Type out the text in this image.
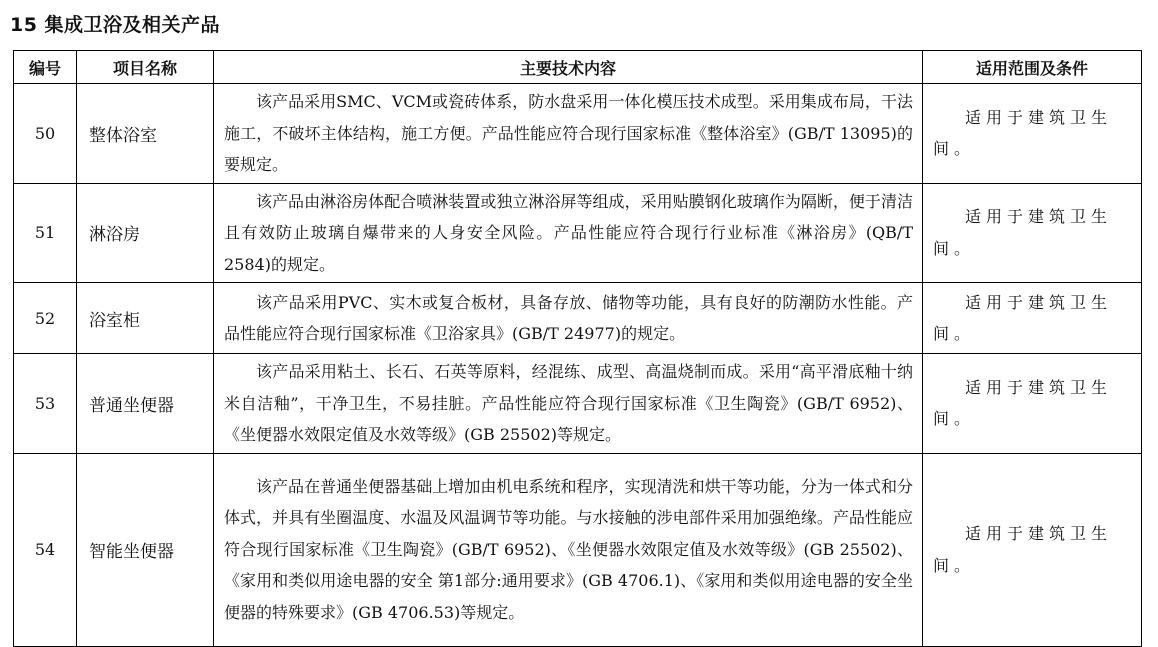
15 集成卫浴及相关产品
编号	项目名称	主要技术内容	适用范围及条件
50	整体浴室	该产品采用SMC、VCM或瓷砖体系，防水盘采用一体化模压技术成型。采用集成布局，干法施工，不破坏主体结构，施工方便。产品性能应符合现行国家标准《整体浴室》(GB/T 13095)的要规定。	适用于建筑卫生间。
51	淋浴房	该产品由淋浴房体配合喷淋装置或独立淋浴屏等组成，采用贴膜钢化玻璃作为隔断，便于清洁且有效防止玻璃自爆带来的人身安全风险。产品性能应符合现行行业标准《淋浴房》(QB/T 2584)的规定。	适用于建筑卫生间。
52	浴室柜	该产品采用PVC、实木或复合板材，具备存放、储物等功能，具有良好的防潮防水性能。产品性能应符合现行国家标准《卫浴家具》(GB/T 24977)的规定。	适用于建筑卫生间。
53	普通坐便器	该产品采用粘土、长石、石英等原料，经混练、成型、高温烧制而成。采用“高平滑底釉十纳米自洁釉”，干净卫生，不易挂脏。产品性能应符合现行国家标准《卫生陶瓷》(GB/T 6952)、《坐便器水效限定值及水效等级》(GB 25502)等规定。	适用于建筑卫生间。
54	智能坐便器	该产品在普通坐便器基础上增加由机电系统和程序，实现清洗和烘干等功能，分为一体式和分体式，并具有坐圈温度、水温及风温调节等功能。与水接触的涉电部件采用加强绝缘。产品性能应符合现行国家标准《卫生陶瓷》(GB/T 6952)、《坐便器水效限定值及水效等级》(GB 25502)、《家用和类似用途电器的安全 第1部分:通用要求》(GB 4706.1)、《家用和类似用途电器的安全坐便器的特殊要求》(GB 4706.53)等规定。	适用于建筑卫生间。
